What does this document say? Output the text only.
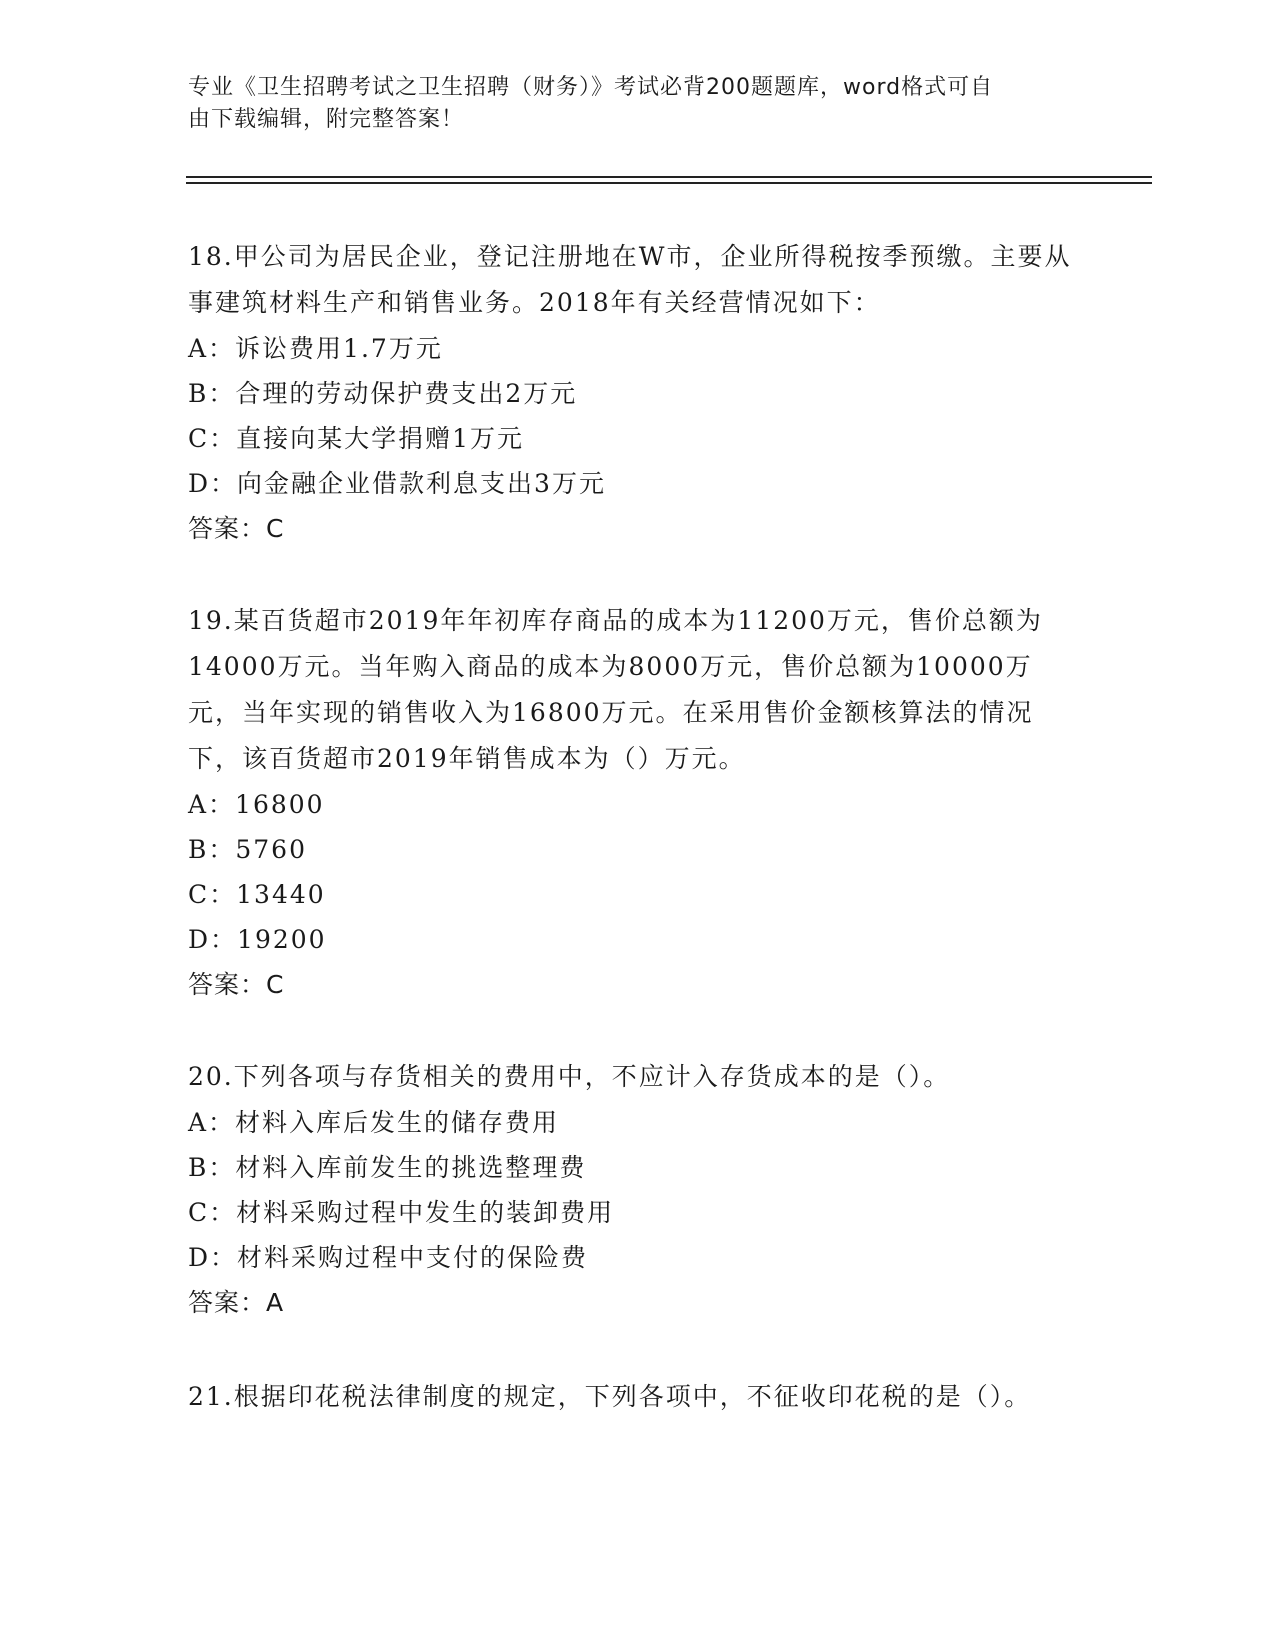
专业《卫生招聘考试之卫生招聘（财务）》考试必背200题题库，word格式可自
由下载编辑，附完整答案！

18.甲公司为居民企业，登记注册地在W市，企业所得税按季预缴。主要从事建筑材料生产和销售业务。2018年有关经营情况如下：

A：诉讼费用1.7万元

B：合理的劳动保护费支出2万元

C：直接向某大学捐赠1万元

D：向金融企业借款利息支出3万元

答案：C

19.某百货超市2019年年初库存商品的成本为11200万元，售价总额为14000万元。当年购入商品的成本为8000万元，售价总额为10000万元，当年实现的销售收入为16800万元。在采用售价金额核算法的情况下，该百货超市2019年销售成本为（）万元。

A：16800

B：5760

C：13440

D：19200

答案：C

20.下列各项与存货相关的费用中，不应计入存货成本的是（）。

A：材料入库后发生的储存费用

B：材料入库前发生的挑选整理费

C：材料采购过程中发生的装卸费用

D：材料采购过程中支付的保险费

答案：A

21.根据印花税法律制度的规定，下列各项中，不征收印花税的是（）。
